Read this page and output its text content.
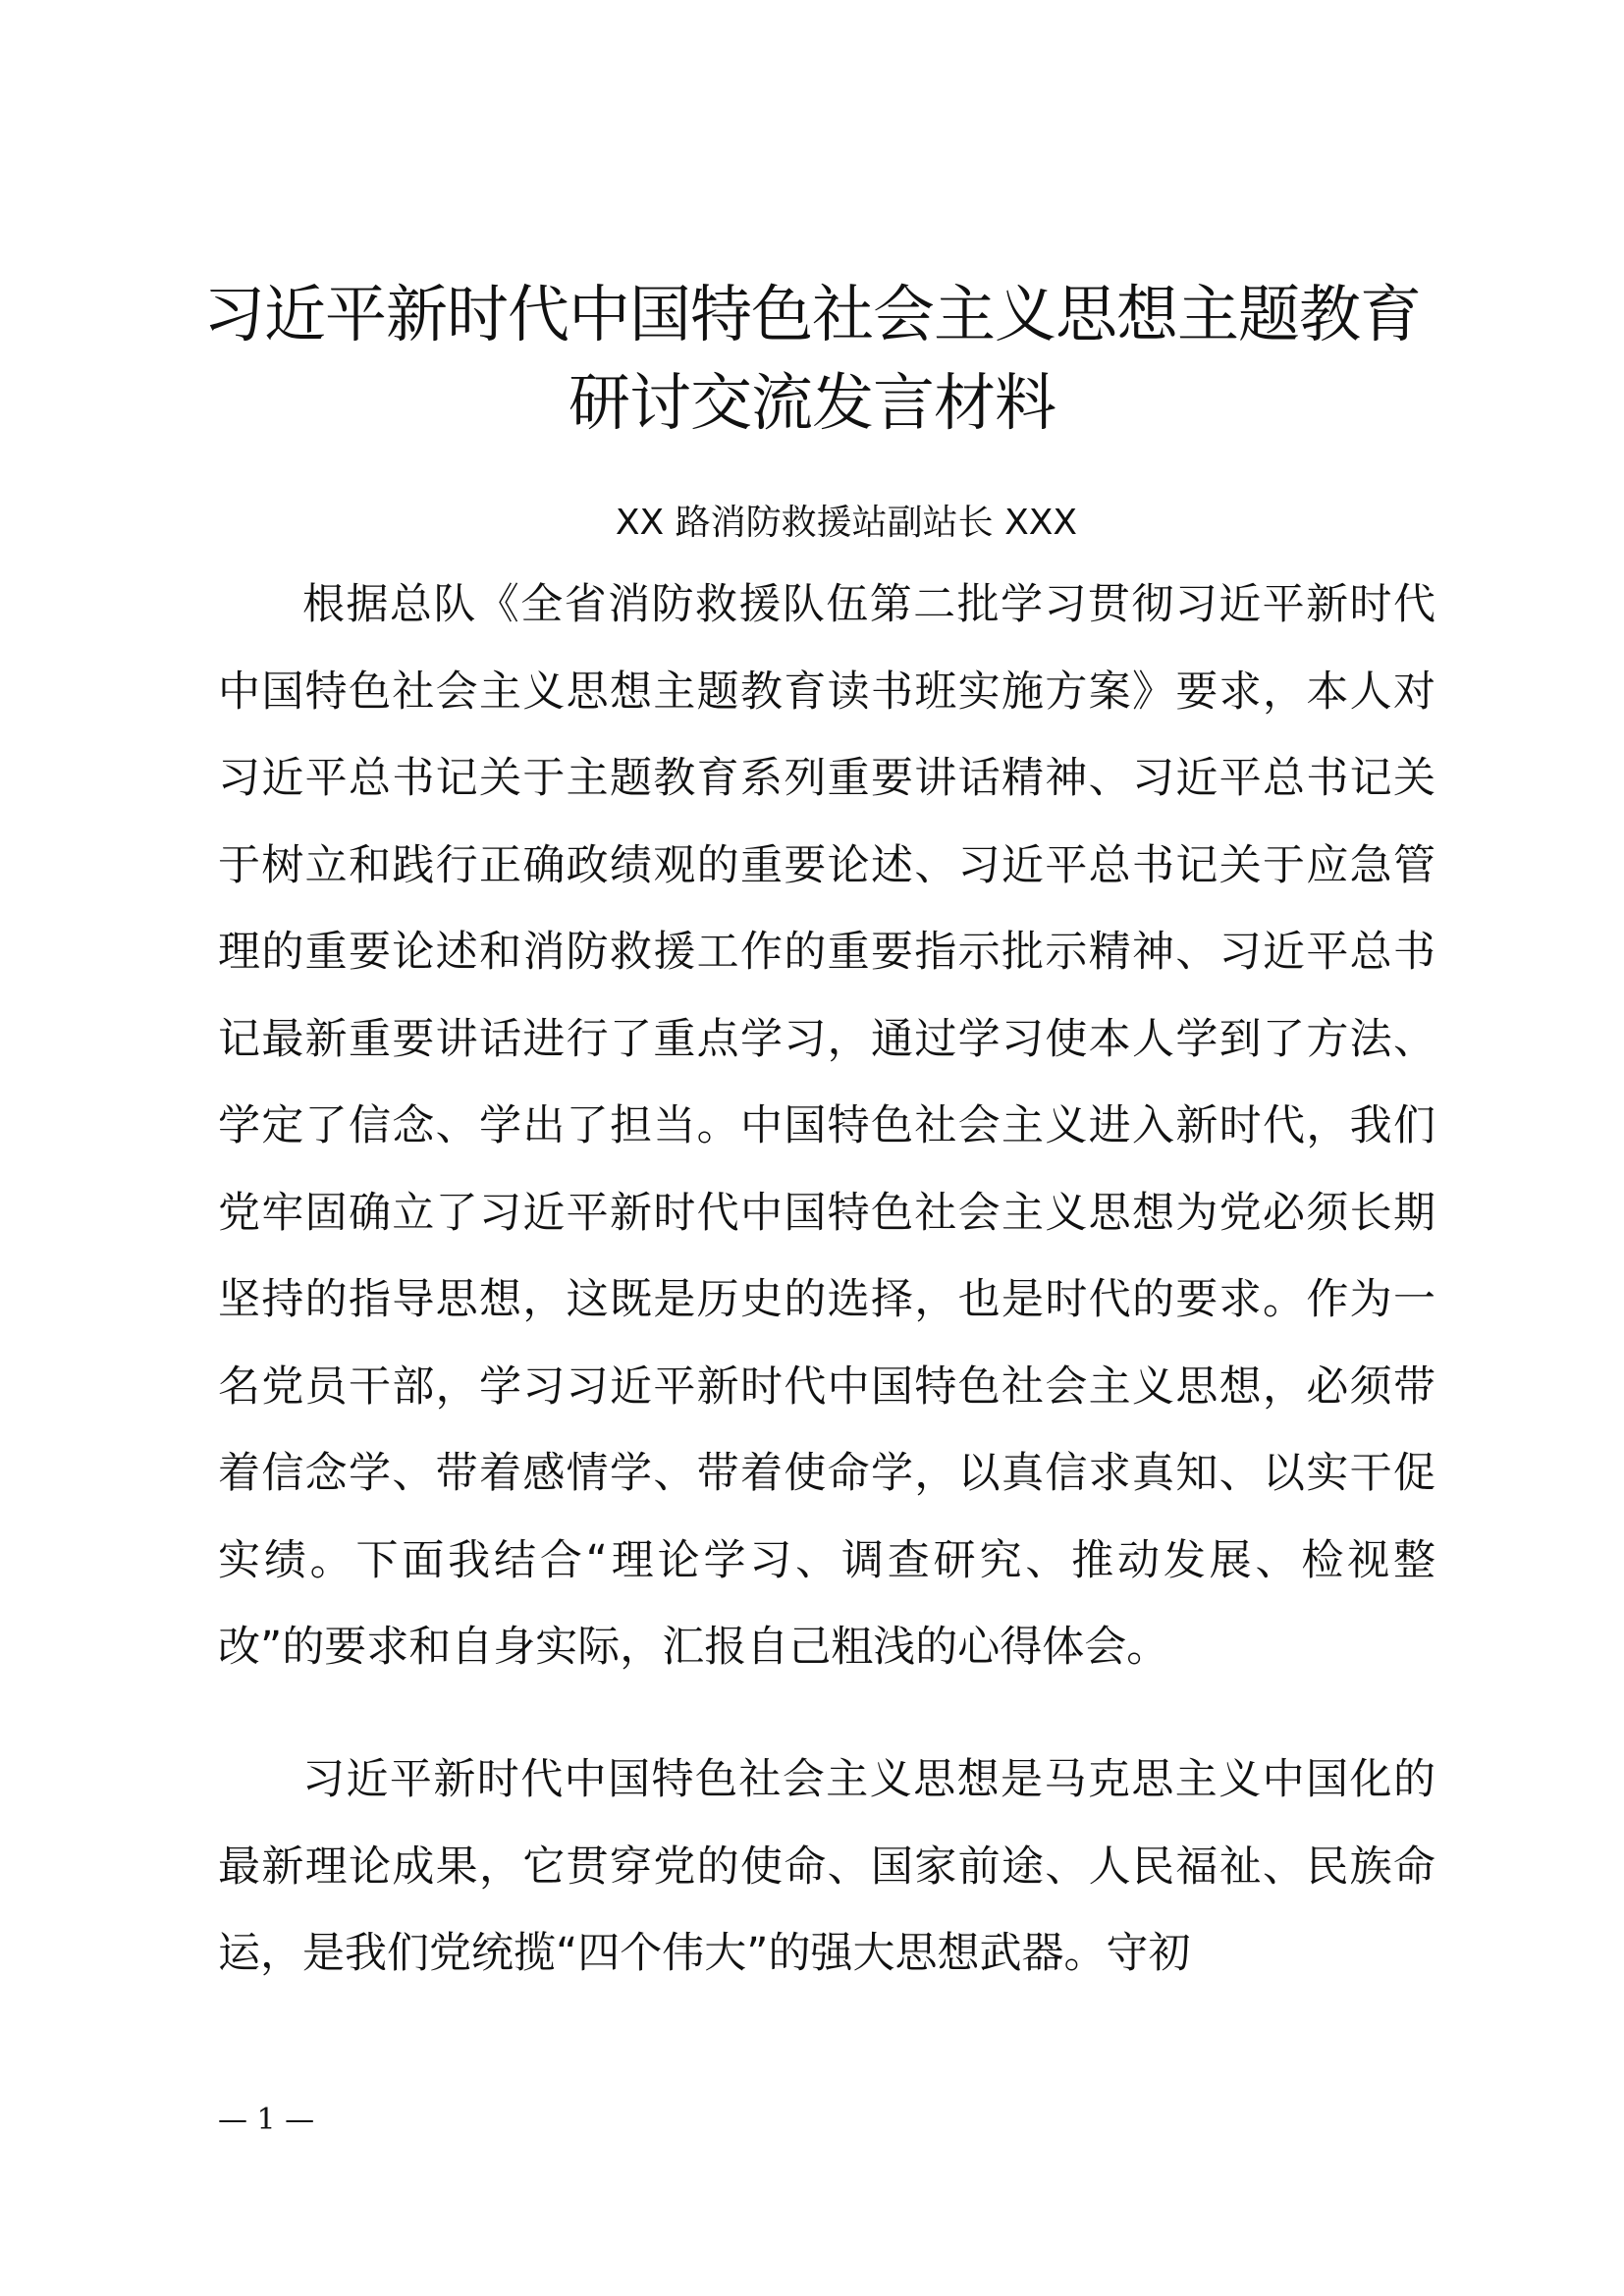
习近平新时代中国特色社会主义思想主题教育
研讨交流发言材料

XX 路消防救援站副站长 XXX

根据总队《全省消防救援队伍第二批学习贯彻习近平新时代中国特色社会主义思想主题教育读书班实施方案》要求，本人对习近平总书记关于主题教育系列重要讲话精神、习近平总书记关于树立和践行正确政绩观的重要论述、习近平总书记关于应急管理的重要论述和消防救援工作的重要指示批示精神、习近平总书记最新重要讲话进行了重点学习，通过学习使本人学到了方法、学定了信念、学出了担当。中国特色社会主义进入新时代，我们党牢固确立了习近平新时代中国特色社会主义思想为党必须长期坚持的指导思想，这既是历史的选择，也是时代的要求。作为一名党员干部，学习习近平新时代中国特色社会主义思想，必须带着信念学、带着感情学、带着使命学，以真信求真知、以实干促实绩。下面我结合“理论学习、调查研究、推动发展、检视整改”的要求和自身实际，汇报自己粗浅的心得体会。

习近平新时代中国特色社会主义思想是马克思主义中国化的最新理论成果，它贯穿党的使命、国家前途、人民福祉、民族命运，是我们党统揽“四个伟大”的强大思想武器。守初

— 1 —
